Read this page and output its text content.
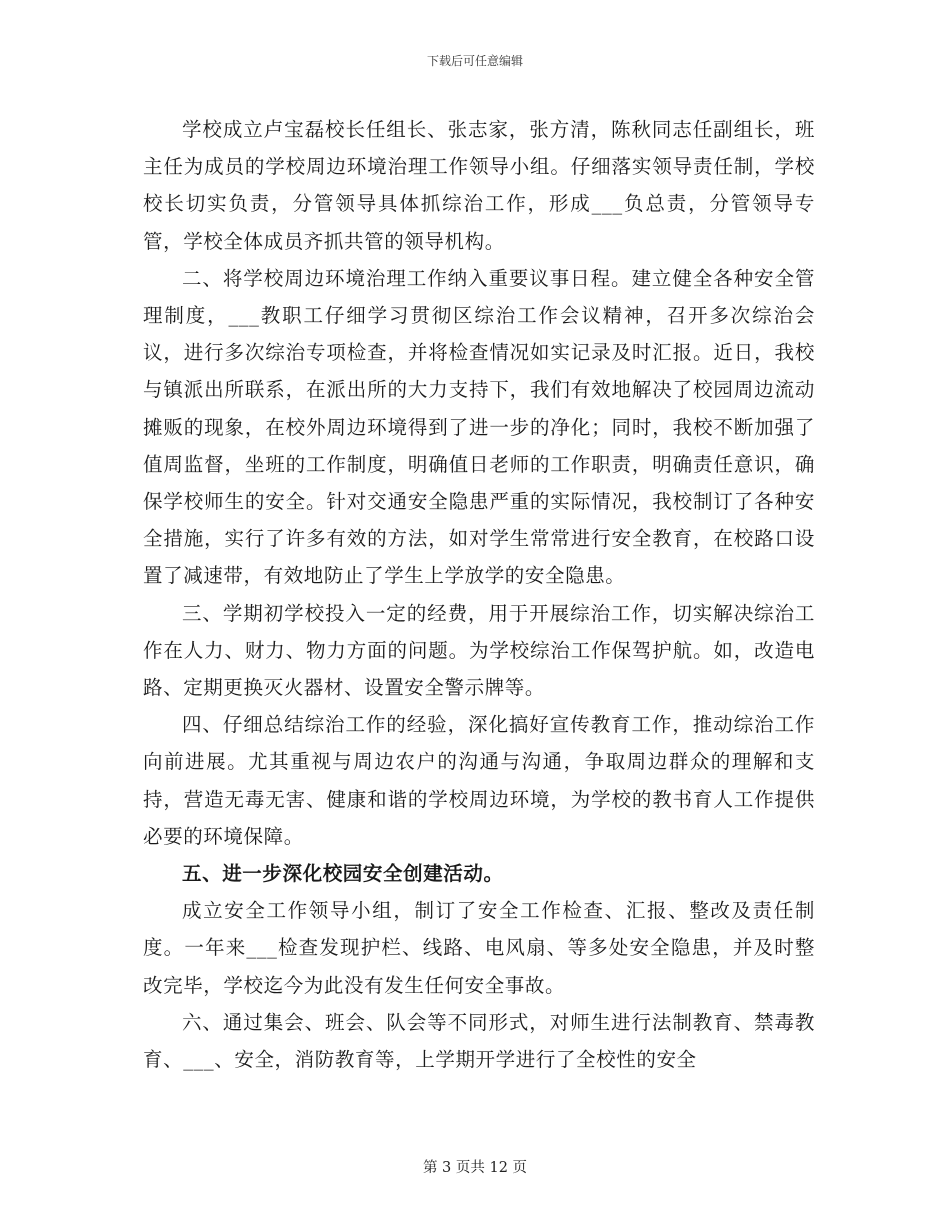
下载后可任意编辑

学校成立卢宝磊校长任组长、张志家，张方清，陈秋同志任副组长，班主任为成员的学校周边环境治理工作领导小组。仔细落实领导责任制，学校校长切实负责，分管领导具体抓综治工作，形成___负总责，分管领导专管，学校全体成员齐抓共管的领导机构。

二、将学校周边环境治理工作纳入重要议事日程。建立健全各种安全管理制度，___教职工仔细学习贯彻区综治工作会议精神，召开多次综治会议，进行多次综治专项检查，并将检查情况如实记录及时汇报。近日，我校与镇派出所联系，在派出所的大力支持下，我们有效地解决了校园周边流动摊贩的现象，在校外周边环境得到了进一步的净化；同时，我校不断加强了值周监督，坐班的工作制度，明确值日老师的工作职责，明确责任意识，确保学校师生的安全。针对交通安全隐患严重的实际情况，我校制订了各种安全措施，实行了许多有效的方法，如对学生常常进行安全教育，在校路口设置了减速带，有效地防止了学生上学放学的安全隐患。

三、学期初学校投入一定的经费，用于开展综治工作，切实解决综治工作在人力、财力、物力方面的问题。为学校综治工作保驾护航。如，改造电路、定期更换灭火器材、设置安全警示牌等。

四、仔细总结综治工作的经验，深化搞好宣传教育工作，推动综治工作向前进展。尤其重视与周边农户的沟通与沟通，争取周边群众的理解和支持，营造无毒无害、健康和谐的学校周边环境，为学校的教书育人工作提供必要的环境保障。

五、进一步深化校园安全创建活动。

成立安全工作领导小组，制订了安全工作检查、汇报、整改及责任制度。一年来___检查发现护栏、线路、电风扇、等多处安全隐患，并及时整改完毕，学校迄今为此没有发生任何安全事故。

六、通过集会、班会、队会等不同形式，对师生进行法制教育、禁毒教育、___、安全，消防教育等，上学期开学进行了全校性的安全

第 3 页共 12 页
